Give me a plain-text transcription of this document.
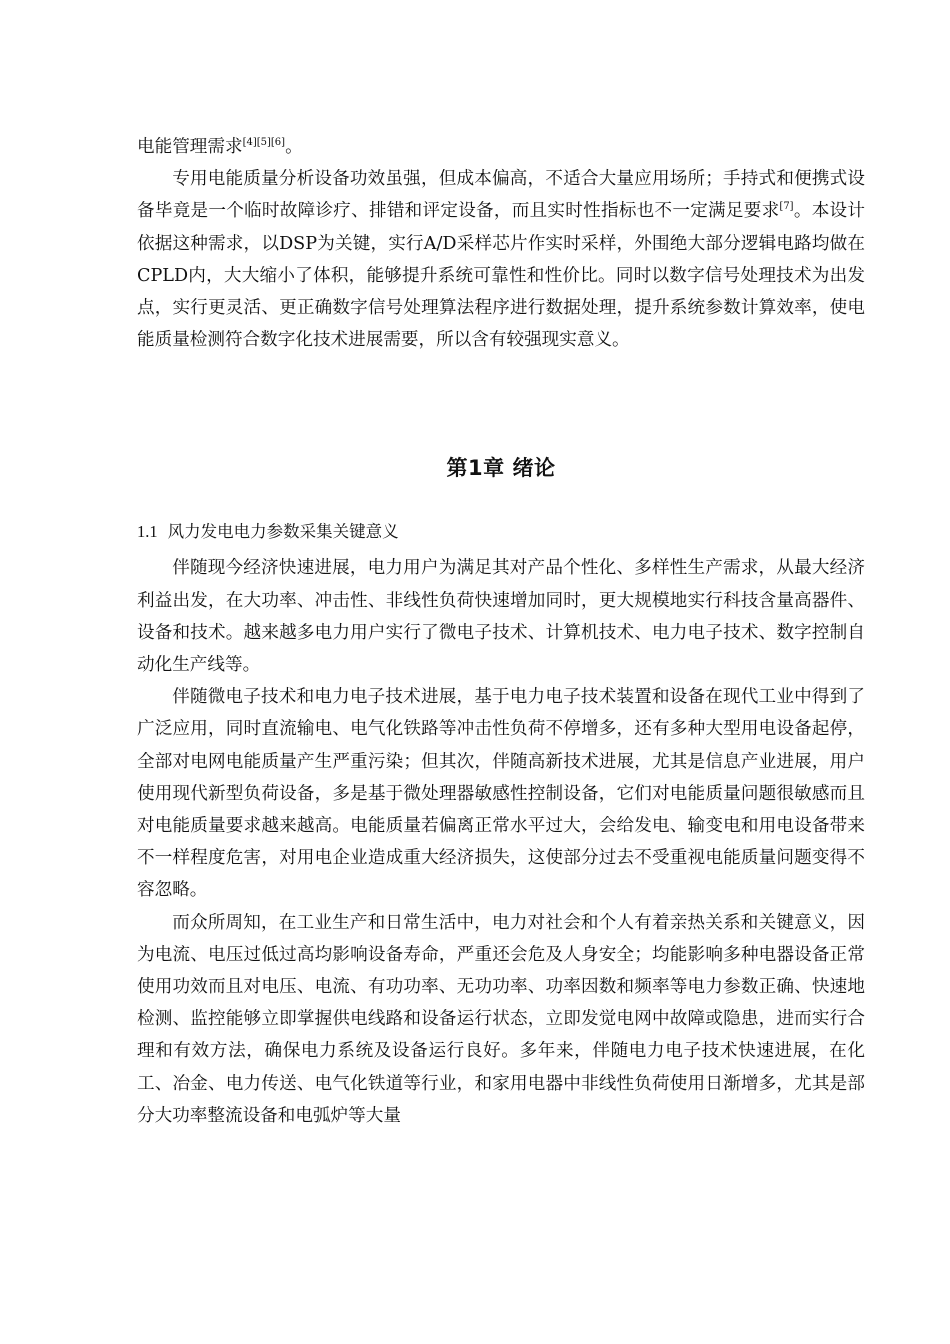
电能管理需求[4][5][6]。

专用电能质量分析设备功效虽强，但成本偏高，不适合大量应用场所；手持式和便携式设备毕竟是一个临时故障诊疗、排错和评定设备，而且实时性指标也不一定满足要求[7]。本设计依据这种需求，以DSP为关键，实行A/D采样芯片作实时采样，外围绝大部分逻辑电路均做在CPLD内，大大缩小了体积，能够提升系统可靠性和性价比。同时以数字信号处理技术为出发点，实行更灵活、更正确数字信号处理算法程序进行数据处理，提升系统参数计算效率，使电能质量检测符合数字化技术进展需要，所以含有较强现实意义。

第1章 绪论
1.1 风力发电电力参数采集关键意义

伴随现今经济快速进展，电力用户为满足其对产品个性化、多样性生产需求，从最大经济利益出发，在大功率、冲击性、非线性负荷快速增加同时，更大规模地实行科技含量高器件、设备和技术。越来越多电力用户实行了微电子技术、计算机技术、电力电子技术、数字控制自动化生产线等。

伴随微电子技术和电力电子技术进展，基于电力电子技术装置和设备在现代工业中得到了广泛应用，同时直流输电、电气化铁路等冲击性负荷不停增多，还有多种大型用电设备起停，全部对电网电能质量产生严重污染；但其次，伴随高新技术进展，尤其是信息产业进展，用户使用现代新型负荷设备，多是基于微处理器敏感性控制设备，它们对电能质量问题很敏感而且对电能质量要求越来越高。电能质量若偏离正常水平过大，会给发电、输变电和用电设备带来不一样程度危害，对用电企业造成重大经济损失，这使部分过去不受重视电能质量问题变得不容忽略。

而众所周知，在工业生产和日常生活中，电力对社会和个人有着亲热关系和关键意义，因为电流、电压过低过高均影响设备寿命，严重还会危及人身安全；均能影响多种电器设备正常使用功效而且对电压、电流、有功功率、无功功率、功率因数和频率等电力参数正确、快速地检测、监控能够立即掌握供电线路和设备运行状态，立即发觉电网中故障或隐患，进而实行合理和有效方法，确保电力系统及设备运行良好。多年来，伴随电力电子技术快速进展，在化工、冶金、电力传送、电气化铁道等行业，和家用电器中非线性负荷使用日渐增多，尤其是部分大功率整流设备和电弧炉等大量
